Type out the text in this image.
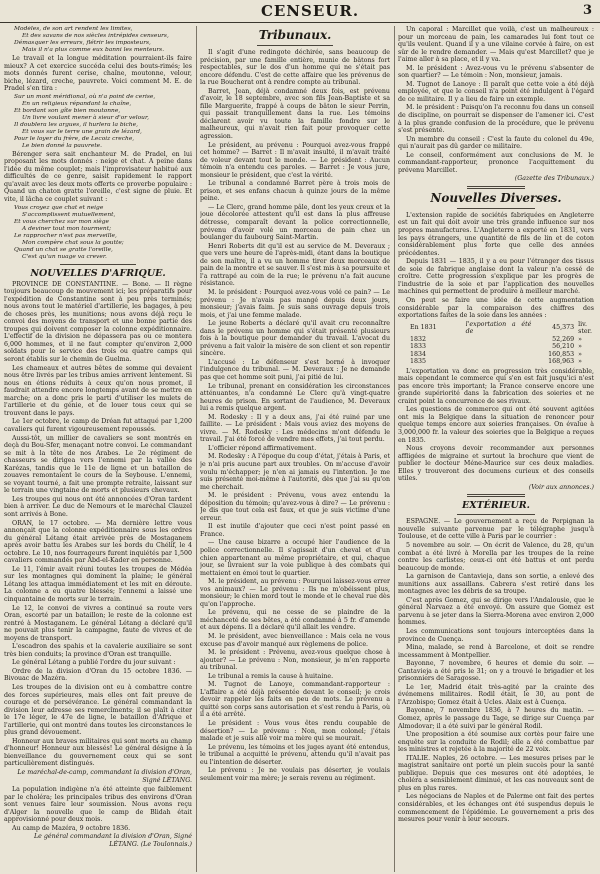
CENSEUR.	3
Modèles, de son art rendent les limites,
Et des savans de nos siècles intrépides censeurs,
Démasquer les erreurs, flétrir les imposteurs,
Mais il n'a plus comme eux banni les menteurs.

Le travail et la longue méditation pourraient-ils faire mieux? A cet exercice succéda celui des bouts-rimés; les mots donnés furent cerise, chaîne, moutonne, velour, biche, lézard, creche, pauvrete. Voici comment M. E. de Pradel s'en tira :

Sur un mont méridional, où n'a point de cerise,
En un religieux répandant la chaîne,
Et bordant son gîte bien moutonne,
Un livre voulant mener à sieur d'or velour,
Il doublera les argues, il hurlera la biche,
Et vous sur le terre une grain de lézard,
Pour le loyer du frère, de Lecoiz creche,
Le bien donné la pauvrete.

Bérenger sera sait enchanteur M. de Pradel, en lui proposant les mots donnés : neige et chat. A peine dans l'idée du même couplet; mais l'improvisateur habitué aux difficultés de ce genre, saisit rapidement le rapport qu'avait avec les deux mots offerts ce proverbe populaire : Quand un chaton gratte l'oreille, c'est signe de pluie. Et vite, il lâcha ce couplet suivant :

Vous croyez que chat et neige
S'accomplissent mutuellement,
Et vous cherchez sur mon siège
A deviner tout mon tourment;
Le rapprocher n'est pas merveille,
Mon compère chat sous la goutte;
Quand un chat se gratte l'oreille,
C'est qu'un nuage va crever.
NOUVELLES D'AFRIQUE.

PROVINCE DE CONSTANTINE. — Bone. — Il règne toujours beaucoup de mouvement ici; les préparatifs pour l'expédition de Constantine sont à peu près terminés; nous avons tout le matériel d'artillerie, les bagages, à peu de choses près, les munitions; nous avons déjà reçu le convoi des moyens de transport et une bonne partie des troupes qui doivent composer la colonne expéditionnaire. L'effectif de la division ne dépassera pas ou ce montera 6,000 hommes, et il ne faut compter qu'environ 2,000 soldats pour le service des trois ou quatre camps qui seront établis sur le chemin de Guelma.

Les chameaux et autres bêtes de somme qui devaient nous être livrés par les tribus amies arrivent lentement. Si nous en étions réduits à ceux qu'on nous promet, il faudrait attendre encore longtemps avant de se mettre en marche; on a donc pris le parti d'utiliser les mulets de l'artillerie et du génie, et de louer tous ceux qui se trouvent dans le pays.

Le 1er octobre, le camp de Dréan fut attaqué par 1,200 cavaliers qui furent vigoureusement repoussés.

Aussi-tôt, un millier de cavaliers se sont montrés en deçà du Bou-Sfer, menaçant notre convoi. Le commandant se mit à la tête de nos Arabes. Le 2e régiment de chasseurs se dirigea vers l'ennemi par la vallée des Karézas, tandis que le 11e de ligne et un bataillon de zouaves remontaient le cours de la Seybouse. L'ennemi, se voyant tourné, a fait une prompte retraite, laissant sur le terrain une vingtaine de morts et plusieurs chevaux.

Les troupes qui nous ont été annoncées d'Oran tardent bien à arriver. Le duc de Nemours et le maréchal Clauzel sont arrivés à Bone.

ORAN, le 17 octobre. — Ma dernière lettre vous annonçait que la colonne expéditionnaire sous les ordres du général Létang était arrivée près de Mostaganem après avoir battu les Arabes sur les bords du Chélif, le 4 octobre. Le 10, nos fourrageurs furent inquiétés par 1,500 cavaliers commandés par Abd-el-Kader en personne.

Le 11, l'émir avait réuni toutes les troupes de Médéa sur les montagnes qui dominent la plaine; le général Létang les attaqua immédiatement et les mit en déroute. La colonne a eu quatre blessés; l'ennemi a laissé une cinquantaine de morts sur le terrain.

Le 12, le convoi de vivres a continué sa route vers Oran, escorté par un bataillon; le reste de la colonne est rentré à Mostaganem. Le général Létang a déclaré qu'il ne pouvait plus tenir la campagne, faute de vivres et de moyens de transport.

L'escadron des spahis et la cavalerie auxiliaire se sont très bien conduits; la province d'Oran est tranquille.

Le général Létang a publié l'ordre du jour suivant :

Ordre de la division d'Oran du 15 octobre 1836. — Bivouac de Mazéra.

Les troupes de la division ont eu à combattre contre des forces supérieures, mais elles ont fait preuve de courage et de persévérance. Le général commandant la division leur adresse ses remercîments; il se plaît à citer le 17e léger, le 47e de ligne, le bataillon d'Afrique et l'artillerie, qui ont montré dans toutes les circonstances le plus grand dévouement.

Honneur aux braves militaires qui sont morts au champ d'honneur! Honneur aux blessés! Le général désigne à la bienveillance du gouvernement ceux qui se sont particulièrement distingués.

Le maréchal-de-camp, commandant la division d'Oran, Signé LÉTANG.

La population indigène n'a été atteinte que faiblement par le choléra; les principales tribus des environs d'Oran sont venues faire leur soumission. Nous avons reçu d'Alger la nouvelle que le camp de Blidah était approvisionné pour deux mois.

Au camp de Mazéra, 9 octobre 1836.

Le général commandant la division d'Oran, Signé LÉTANG. (Le Toulonnais.)

Tribunaux.

Il s'agit d'une redingote déchirée, sans beaucoup de précision, par une famille entière, munie de bâtons fort respectables, sur le dos d'un homme qui ne s'était pas encore défendu. C'est de cette affaire que les prévenus de la rue Boucherat ont à rendre compte au tribunal.

Barret, Jean, déjà condamné deux fois, est prévenu d'avoir, le 18 septembre, avec son fils Jean-Baptiste et sa fille Marguerite, frappé à coups de bâton le sieur Perrin, qui passait tranquillement dans la rue. Les témoins déclarent avoir vu toute la famille fondre sur le malheureux, qui n'avait rien fait pour provoquer cette agression.

Le président, au prévenu : Pourquoi avez-vous frappé cet homme? — Barret : Il m'avait insulté, il m'avait traité de voleur devant tout le monde. — Le président : Aucun témoin n'a entendu ces paroles. — Barret : Je vous jure, monsieur le président, que c'est la vérité.

Le tribunal a condamné Barret père à trois mois de prison, et ses enfans chacun à quinze jours de la même peine.

— Le Clerc, grand homme pâle, dont les yeux creux et la joue décolorée attestent qu'il est dans la plus affreuse détresse, comparaît devant la police correctionnelle, prévenu d'avoir volé un morceau de pain chez un boulanger du faubourg Saint-Martin.

Henri Roberts dit qu'il est au service de M. Deveraux ; que vers une heure de l'après-midi, étant dans la boutique de son maître, il a vu un homme tirer deux morceaux de pain de la montre et se sauver. Il s'est mis à sa poursuite et l'a rattrapé au coin de la rue; le prévenu n'a fait aucune résistance.

M. le président : Pourquoi avez-vous volé ce pain? — Le prévenu : Je n'avais pas mangé depuis deux jours, monsieur; j'avais faim. Je suis sans ouvrage depuis trois mois, et j'ai une femme malade.

Le jeune Roberts a déclaré qu'il avait cru reconnaître dans le prévenu un homme qui s'était présenté plusieurs fois à la boutique pour demander du travail. L'avocat du prévenu a fait valoir la misère de son client et son repentir sincère.

L'accusé : Le défenseur s'est borné à invoquer l'indulgence du tribunal. — M. Deveraux : Je ne demande pas que cet homme soit puni, j'ai pitié de lui.

Le tribunal, prenant en considération les circonstances atténuantes, n'a condamné Le Clerc qu'à vingt-quatre heures de prison. En sortant de l'audience, M. Deveraux lui a remis quelque argent.

M. Rodesky : Il y a deux ans, j'ai été ruiné par une faillite. — Le président : Mais vous aviez des moyens de vivre. — M. Rodesky : Les médecins m'ont défendu le travail. J'ai été forcé de vendre mes effets, j'ai tout perdu.

L'officier répond affirmativement.

M. Rodesky : A l'époque du coup d'état, j'étais à Paris, et je n'ai pris aucune part aux troubles. On m'accuse d'avoir voulu m'échapper; je n'en ai jamais eu l'intention. Je me suis présenté moi-même à l'autorité, dès que j'ai su qu'on me cherchait.

M. le président : Prévenu, vous avez entendu la déposition du témoin; qu'avez-vous à dire? — Le prévenu : Je dis que tout cela est faux, et que je suis victime d'une erreur.

Il est inutile d'ajouter que ceci n'est point passé en France.

— Une cause bizarre a occupé hier l'audience de la police correctionnelle. Il s'agissait d'un cheval et d'un chien appartenant au même propriétaire, et qui, chaque jour, se livraient sur la voie publique à des combats qui mettaient en émoi tout le quartier.

M. le président, au prévenu : Pourquoi laissez-vous errer vos animaux? — Le prévenu : Ils ne m'obéissent plus, monsieur; le chien mord tout le monde et le cheval rue dès qu'on l'approche.

Le prévenu, qui ne cesse de se plaindre de la méchanceté de ses bêtes, a été condamné à 5 fr. d'amende et aux dépens. Il a déclaré qu'il allait les vendre.

M. le président, avec bienveillance : Mais cela ne vous excuse pas d'avoir manqué aux règlemens de police.

M. le président : Prévenu, avez-vous quelque chose à ajouter? — Le prévenu : Non, monsieur, je m'en rapporte au tribunal.

Le tribunal a remis la cause à huitaine.

M. Tugnot de Lanoye, commandant-rapporteur : L'affaire a été déjà présentée devant le conseil; je crois devoir rappeler les faits en peu de mots. Le prévenu a quitté son corps sans autorisation et s'est rendu à Paris, où il a été arrêté.

Le président : Vous vous êtes rendu coupable de désertion? — Le prévenu : Non, mon colonel; j'étais malade et je suis allé voir ma mère qui se mourait.

Le prévenu, les témoins et les juges ayant été entendus, le tribunal a acquitté le prévenu, attendu qu'il n'avait pas eu l'intention de déserter.

Le prévenu : Je ne voulais pas déserter, je voulais seulement voir ma mère; je serais revenu au régiment.

Un caporal : Marcillet que voilà, c'est un malheureux : pour un morceau de pain, les camarades lui font tout ce qu'ils veulent. Quand il y a une vilaine corvée à faire, on est sûr de le rendre demander. — Mais qu'est Marcillet? que je l'aime aller à sa place, et il y va.

M. le président : Avez-vous vu le prévenu s'absenter de son quartier? — Le témoin : Non, monsieur, jamais.

M. Tugnot de Lanoye : Il paraît que cette voie a été déjà employée, et que le conseil n'a point été indulgent à l'égard de ce militaire. Il y a lieu de faire un exemple.

M. le président : Puisqu'on l'a reconnu fou dans un conseil de discipline, on pourrait se dispenser de l'amener ici. C'est à la plus grande confusion de la procédure, que le prévenu s'est présenté.

Un membre du conseil : C'est la faute du colonel du 49e, qui n'aurait pas dû garder ce militaire.

Le conseil, conformément aux conclusions de M. le commandant-rapporteur, prononce l'acquittement du prévenu Marcillet.

(Gazette des Tribunaux.)

Nouvelles Diverses.

L'extension rapide de sociétés fabriquées en Angleterre est un fait qui doit avoir une très grande influence sur nos propres manufactures. L'Angleterre a exporté en 1831, vers les pays étrangers, une quantité de fils de lin et de coton considérablement plus forte que celle des années précédentes.

Depuis 1831 — 1835, il y a eu pour l'étranger des tissus de soie de fabrique anglaise dont la valeur n'a cessé de croître. Cette progression s'explique par les progrès de l'industrie de la soie et par l'application des nouvelles machines qui permettent de produire à meilleur marché.

On peut se faire une idée de cette augmentation considérable par la comparaison des chiffres des exportations faites de la soie dans les années :

En 1831	l'exportation a été de	45,373	liv. ster.
1832		52,269	»
1833		56,210	»
1834		160,853	»
1835		168,963	»

L'exportation va donc en progression très considérable, mais cependant le commerce qui s'en est fait jusqu'ici n'est pas encore très important; la France conserve encore une grande supériorité dans la fabrication des soieries et ne craint point la concurrence de ses rivaux.

Les questions de commerce qui ont été souvent agitées ont mis la Belgique dans la situation de renoncer pour quelque temps encore aux soieries françaises. On évalue à 3,000,000 fr. la valeur des soieries que la Belgique a reçues en 1835.

Nous croyons devoir recommander aux personnes affligées de migraine et surtout la brochure que vient de publier le docteur Méne-Maurice sur ces deux maladies. Elles y trouveront des documens curieux et des conseils utiles.

(Voir aux annonces.)

EXTÉRIEUR.

ESPAGNE. — Le gouvernement a reçu de Perpignan la nouvelle suivante parvenue par le télégraphe jusqu'à Toulouse, et de cette ville à Paris par le courrier :

5 novembre au soir. — On écrit de Valence, du 28, qu'un combat a été livré à Morella par les troupes de la reine contre les carlistes; ceux-ci ont été battus et ont perdu beaucoup de monde.

La garnison de Cantavieja, dans son sortie, a enlevé des munitions aux assaillans. Cabrera s'est retiré dans les montagnes avec les débris de sa troupe.

C'est après Gomez, qui se dirige vers l'Andalousie, que le général Narvaez a été envoyé. On assure que Gomez est parvenu à se jeter dans la Sierra-Morena avec environ 2,000 hommes.

Les communications sont toujours interceptées dans la province de Cuença.

Mina, malade, se rend à Barcelone, et doit se rendre incessamment à Montpellier.

Bayonne, 7 novembre, 6 heures et demie du soir. — Cantavieja a été pris le 31; on y a trouvé le brigadier et les prisonniers de Saragosse.

Le 1er, Madrid était très-agité par la crainte des événemens militaires. Rodil était, le 30, au pont de l'Arzobispo; Gomez était à Ucles. Alaix est à Cuença.

Bayonne, 7 novembre 1836, à 7 heures du matin. — Gomez, après le passage du Tage, se dirige sur Cuença par Almodovar; il a été suivi par le général Rodil.

Une proposition a été soumise aux cortès pour faire une enquête sur la conduite de Rodil; elle a été combattue par les ministres et rejetée à la majorité de 22 voix.

ITALIE. Naples, 26 octobre. — Les mesures prises par le magistrat sanitaire ont porté un plein succès pour la santé publique. Depuis que ces mesures ont été adoptées, le choléra a sensiblement diminué, et les cas nouveaux sont de plus en plus rares.

Les négocians de Naples et de Palerme ont fait des pertes considérables, et les échanges ont été suspendus depuis le commencement de l'épidémie. Le gouvernement a pris des mesures pour venir à leur secours.
